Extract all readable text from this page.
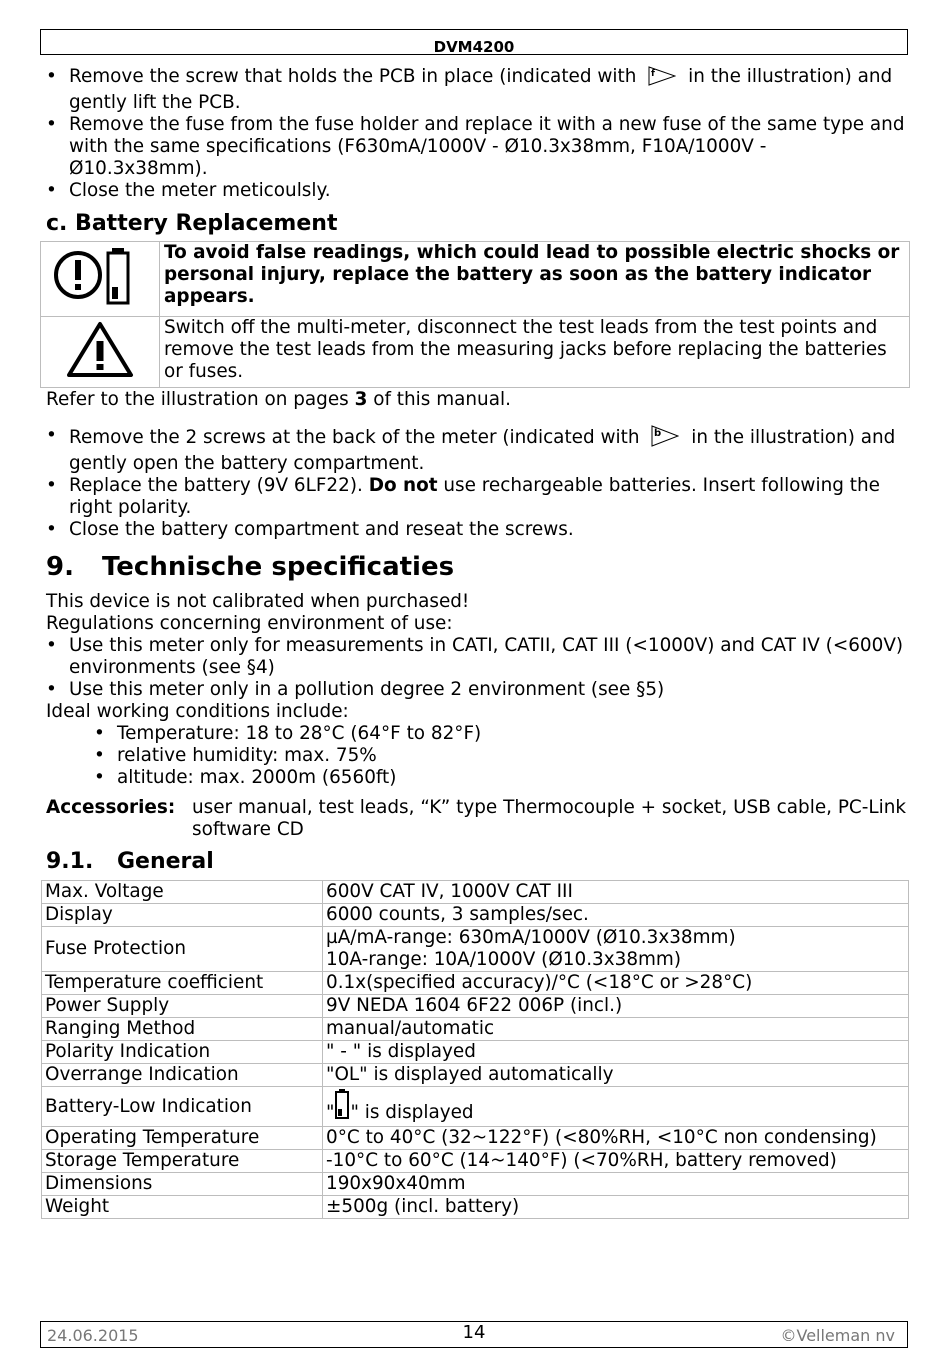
DVM4200
• Remove the screw that holds the PCB in place (indicated with f in the illustration) and gently lift the PCB.
• Remove the fuse from the fuse holder and replace it with a new fuse of the same type and with the same specifications (F630mA/1000V - Ø10.3x38mm, F10A/1000V - Ø10.3x38mm).
• Close the meter meticoulsly.
c. Battery Replacement
	To avoid false readings, which could lead to possible electric shocks or personal injury, replace the battery as soon as the battery indicator appears.
	Switch off the multi-meter, disconnect the test leads from the test points and remove the test leads from the measuring jacks before replacing the batteries or fuses.
Refer to the illustration on pages 3 of this manual.
• Remove the 2 screws at the back of the meter (indicated with b in the illustration) and gently open the battery compartment.
• Replace the battery (9V 6LF22). Do not use rechargeable batteries. Insert following the right polarity.
• Close the battery compartment and reseat the screws.
9. Technische specificaties
This device is not calibrated when purchased!
Regulations concerning environment of use:
• Use this meter only for measurements in CATI, CATII, CAT III (<1000V) and CAT IV (<600V) environments (see §4)
• Use this meter only in a pollution degree 2 environment (see §5)
Ideal working conditions include:
• Temperature: 18 to 28°C (64°F to 82°F)
• relative humidity: max. 75%
• altitude: max. 2000m (6560ft)
Accessories: user manual, test leads, “K” type Thermocouple + socket, USB cable, PC-Link software CD
9.1. General
Max. Voltage	600V CAT IV, 1000V CAT III
Display	6000 counts, 3 samples/sec.
Fuse Protection	µA/mA-range: 630mA/1000V (Ø10.3x38mm)
10A-range: 10A/1000V (Ø10.3x38mm)

Temperature coefficient	0.1x(specified accuracy)/°C (<18°C or >28°C)
Power Supply	9V NEDA 1604 6F22 006P (incl.)
Ranging Method	manual/automatic
Polarity Indication	" - " is displayed
Overrange Indication	"OL" is displayed automatically
Battery-Low Indication	" " is displayed
Operating Temperature	0°C to 40°C (32~122°F) (<80%RH, <10°C non condensing)
Storage Temperature	-10°C to 60°C (14~140°F) (<70%RH, battery removed)
Dimensions	190x90x40mm
Weight	±500g (incl. battery)
24.06.2015	14	©Velleman nv
